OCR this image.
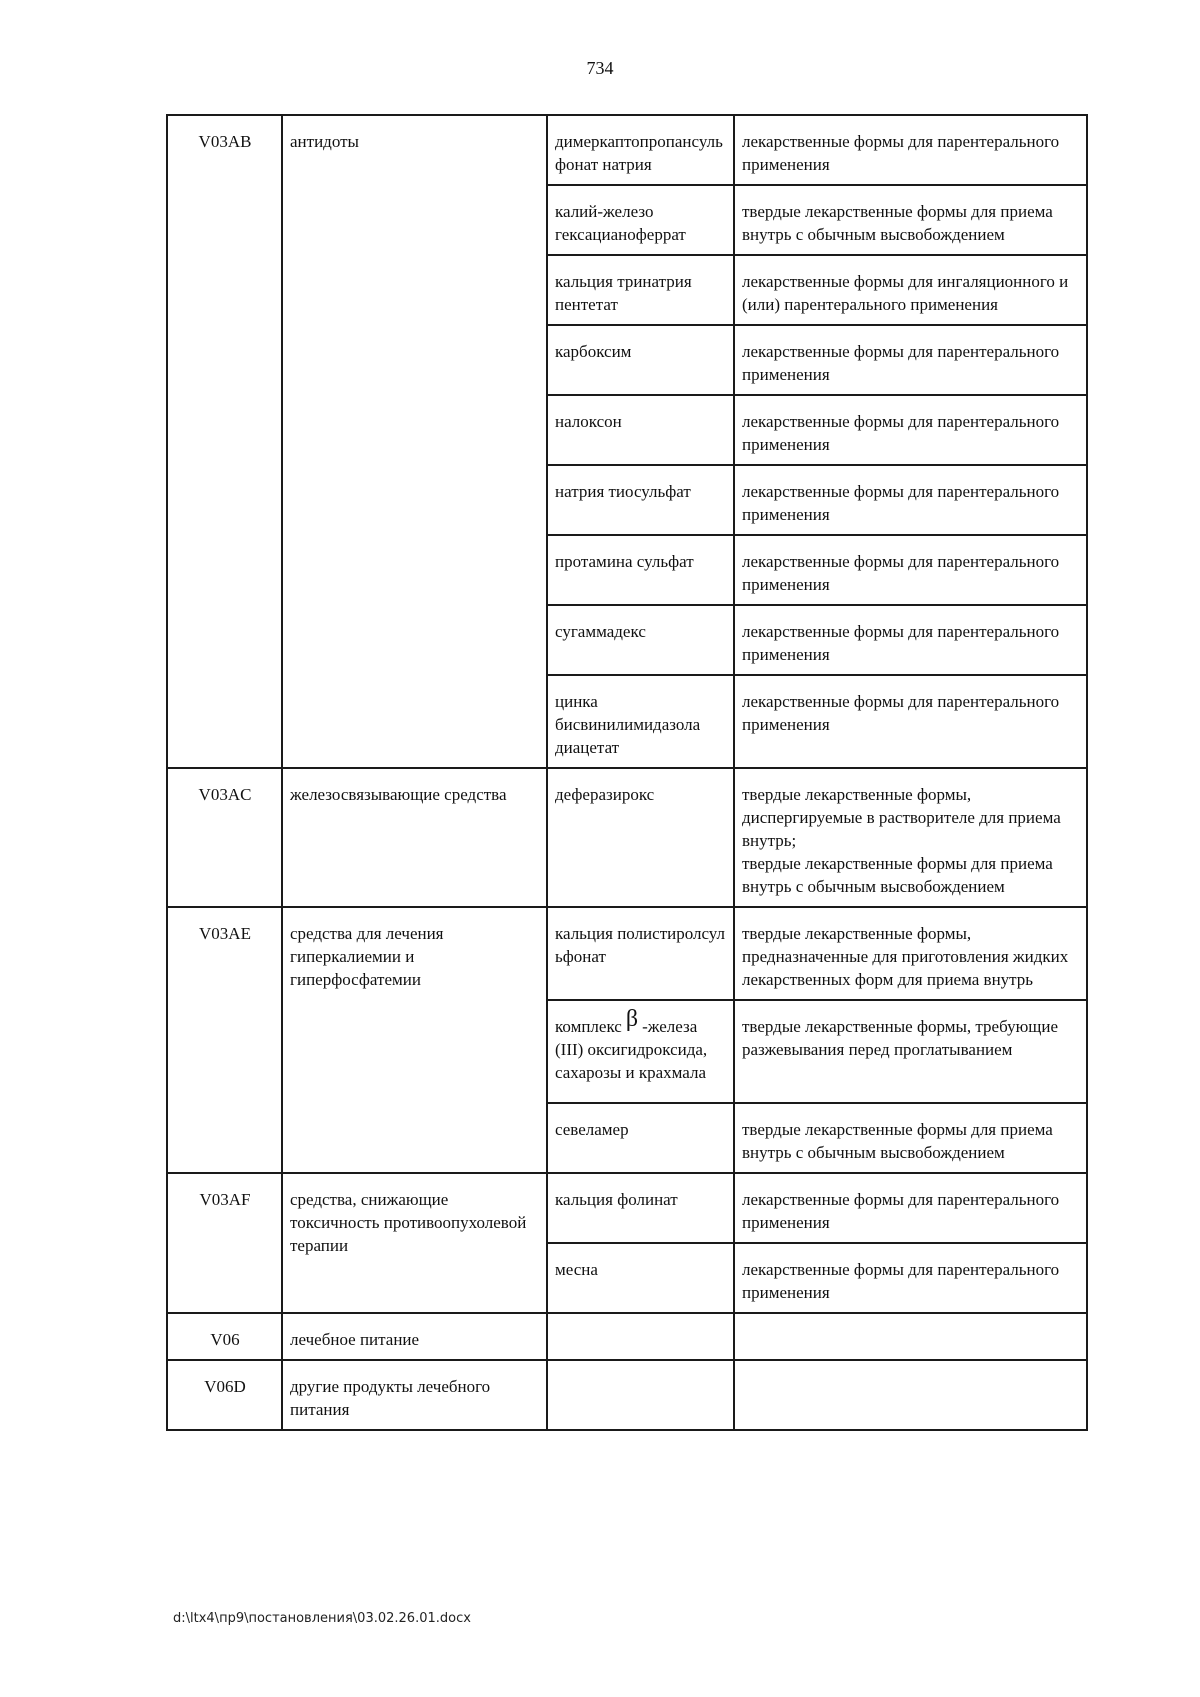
734
V03AB	антидоты	димеркаптопропансульфонат натрия	лекарственные формы для парентерального применения
		калий-железо гексацианоферрат	твердые лекарственные формы для приема внутрь с обычным высвобождением
		кальция тринатрия пентетат	лекарственные формы для ингаляционного и (или) парентерального применения
		карбоксим	лекарственные формы для парентерального применения
		налоксон	лекарственные формы для парентерального применения
		натрия тиосульфат	лекарственные формы для парентерального применения
		протамина сульфат	лекарственные формы для парентерального применения
		сугаммадекс	лекарственные формы для парентерального применения
		цинка бисвинилимидазола диацетат	лекарственные формы для парентерального применения
V03AC	железосвязывающие средства	деферазирокс	твердые лекарственные формы, диспергируемые в растворителе для приема внутрь;
твердые лекарственные формы для приема внутрь с обычным высвобождением

V03AE	средства для лечения гиперкалиемии и гиперфосфатемии	кальция полистиролсульфонат	твердые лекарственные формы, предназначенные для приготовления жидких лекарственных форм для приема внутрь
		комплекс β -железа (III) оксигидроксида, сахарозы и крахмала	твердые лекарственные формы, требующие разжевывания перед проглатыванием
		севеламер	твердые лекарственные формы для приема внутрь с обычным высвобождением
V03AF	средства, снижающие токсичность противоопухолевой терапии	кальция фолинат	лекарственные формы для парентерального применения
		месна	лекарственные формы для парентерального применения
V06	лечебное питание		
V06D	другие продукты лечебного питания		
d:\ltx4\пр9\постановления\03.02.26.01.docx
